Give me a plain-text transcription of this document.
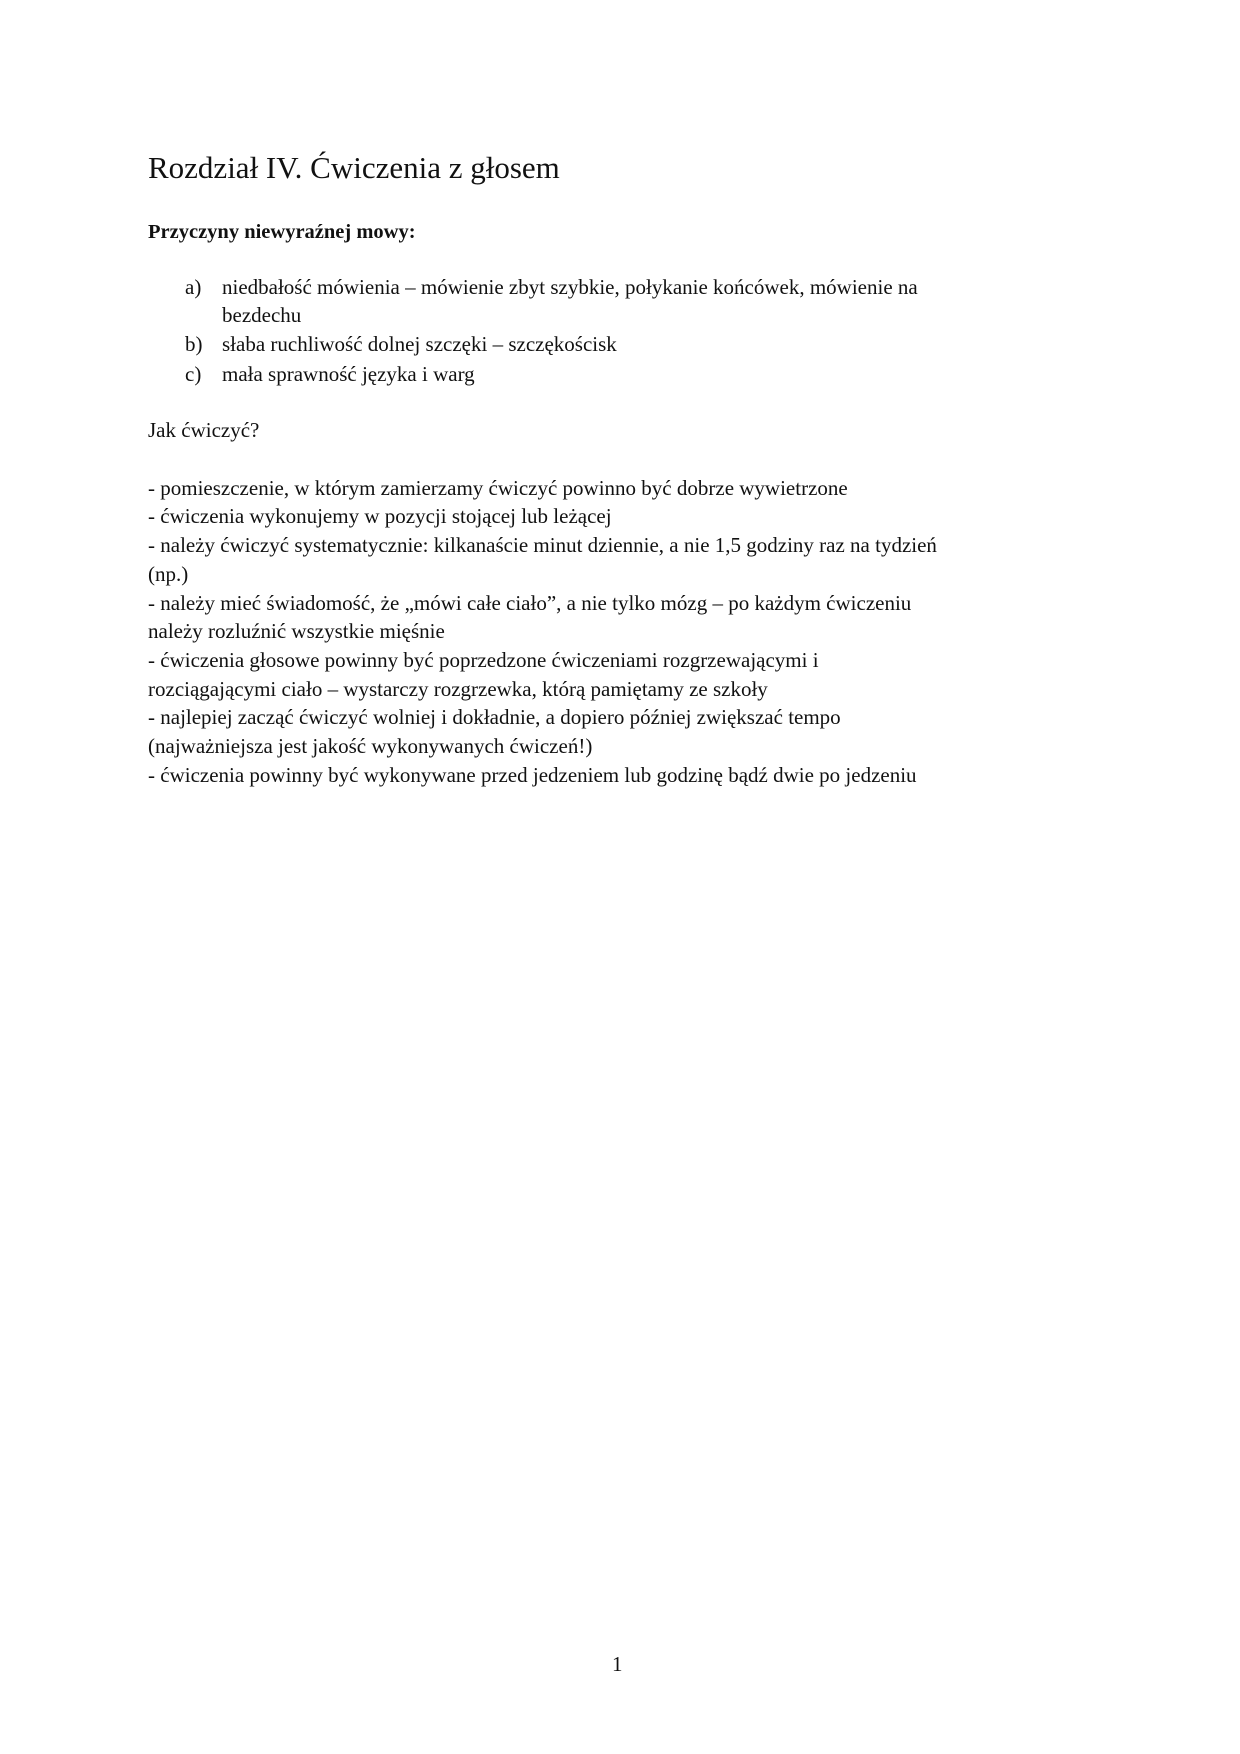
Rozdział IV. Ćwiczenia z głosem
Przyczyny niewyraźnej mowy:
a) niedbałość mówienia – mówienie zbyt szybkie, połykanie końcówek, mówienie na
bezdechu
b) słaba ruchliwość dolnej szczęki – szczękościsk
c) mała sprawność języka i warg
Jak ćwiczyć?
- pomieszczenie, w którym zamierzamy ćwiczyć powinno być dobrze wywietrzone
- ćwiczenia wykonujemy w pozycji stojącej lub leżącej
- należy ćwiczyć systematycznie: kilkanaście minut dziennie, a nie 1,5 godziny raz na tydzień
(np.)
- należy mieć świadomość, że „mówi całe ciało”, a nie tylko mózg – po każdym ćwiczeniu
należy rozluźnić wszystkie mięśnie
- ćwiczenia głosowe powinny być poprzedzone ćwiczeniami rozgrzewającymi i
rozciągającymi ciało – wystarczy rozgrzewka, którą pamiętamy ze szkoły
- najlepiej zacząć ćwiczyć wolniej i dokładnie, a dopiero później zwiększać tempo
(najważniejsza jest jakość wykonywanych ćwiczeń!)
- ćwiczenia powinny być wykonywane przed jedzeniem lub godzinę bądź dwie po jedzeniu
1
